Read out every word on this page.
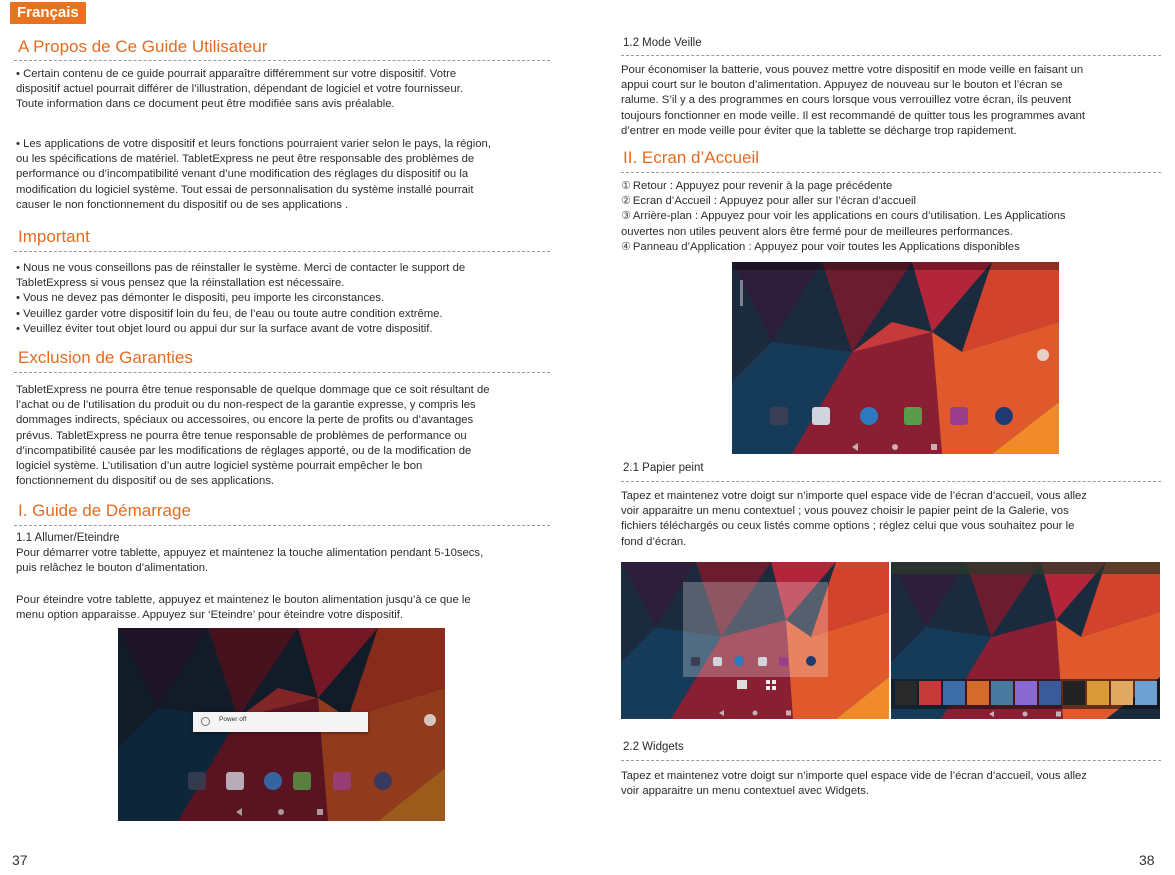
Français
A Propos de Ce Guide Utilisateur
• Certain contenu de ce guide pourrait apparaître différemment sur votre dispositif. Votre
dispositif actuel pourrait différer de l’illustration, dépendant de logiciel et votre fournisseur.
Toute information dans ce document peut être modifiée sans avis préalable.
• Les applications de votre dispositif et leurs fonctions pourraient varier selon le pays, la région,
ou les spécifications de matériel. TabletExpress ne peut être responsable des problèmes de
performance ou d’incompatibilité venant d’une modification des réglages du dispositif ou la
modification du logiciel système. Tout essai de personnalisation du système installé pourrait
causer le non fonctionnement du dispositif ou de ses applications .
Important
• Nous ne vous conseillons pas de réinstaller le système. Merci de contacter le support de
TabletExpress si vous pensez que la réinstallation est nécessaire.
• Vous ne devez pas démonter le dispositi, peu importe les circonstances.
• Veuillez garder votre dispositif loin du feu, de l’eau ou toute autre condition extrême.
• Veuillez éviter tout objet lourd ou appui dur sur la surface avant de votre dispositif.
Exclusion de Garanties
TabletExpress ne pourra être tenue responsable de quelque dommage que ce soit résultant de
l’achat ou de l’utilisation du produit ou du non-respect de la garantie expresse, y compris les
dommages indirects, spéciaux ou accessoires, ou encore la perte de profits ou d’avantages
prévus. TabletExpress ne pourra être tenue responsable de problèmes de performance ou
d’incompatibilité causée par les modifications de réglages apporté, ou de la modification de
logiciel système. L’utilisation d’un autre logiciel système pourrait empêcher le bon
fonctionnement du dispositif ou de ses applications.
I. Guide de Démarrage
1.1 Allumer/Eteindre
Pour démarrer votre tablette, appuyez et maintenez la touche alimentation pendant 5-10secs,
puis relâchez le bouton d’alimentation.
Pour éteindre votre tablette, appuyez et maintenez le bouton alimentation jusqu’à ce que le
menu option apparaisse. Appuyez sur ‘Eteindre’ pour éteindre votre dispositif.
Power off
37
1.2 Mode Veille
Pour économiser la batterie, vous pouvez mettre votre dispositif en mode veille en faisant un
appui court sur le bouton d’alimentation. Appuyez de nouveau sur le bouton et l’écran se
ralume. S’il y a des programmes en cours lorsque vous verrouillez votre écran, ils peuvent
toujours fonctionner en mode veille. Il est recommandé de quitter tous les programmes avant
d’entrer en mode veille pour éviter que la tablette se décharge trop rapidement.
II. Ecran d’Accueil
① Retour : Appuyez pour revenir à la page précédente
② Ecran d’Accueil : Appuyez pour aller sur l’écran d’accueil
③ Arrière-plan : Appuyez pour voir les applications en cours d’utilisation. Les Applications
ouvertes non utiles peuvent alors être fermé pour de meilleures performances.
④ Panneau d’Application : Appuyez pour voir toutes les Applications disponibles
2.1 Papier peint
Tapez et maintenez votre doigt sur n’importe quel espace vide de l’écran d’accueil, vous allez
voir apparaitre un menu contextuel ; vous pouvez choisir le papier peint de la Galerie, vos
fichiers téléchargés ou ceux listés comme options ; réglez celui que vous souhaitez pour le
fond d’écran.
2.2 Widgets
Tapez et maintenez votre doigt sur n’importe quel espace vide de l’écran d’accueil, vous allez
voir apparaitre un menu contextuel avec Widgets.
38
